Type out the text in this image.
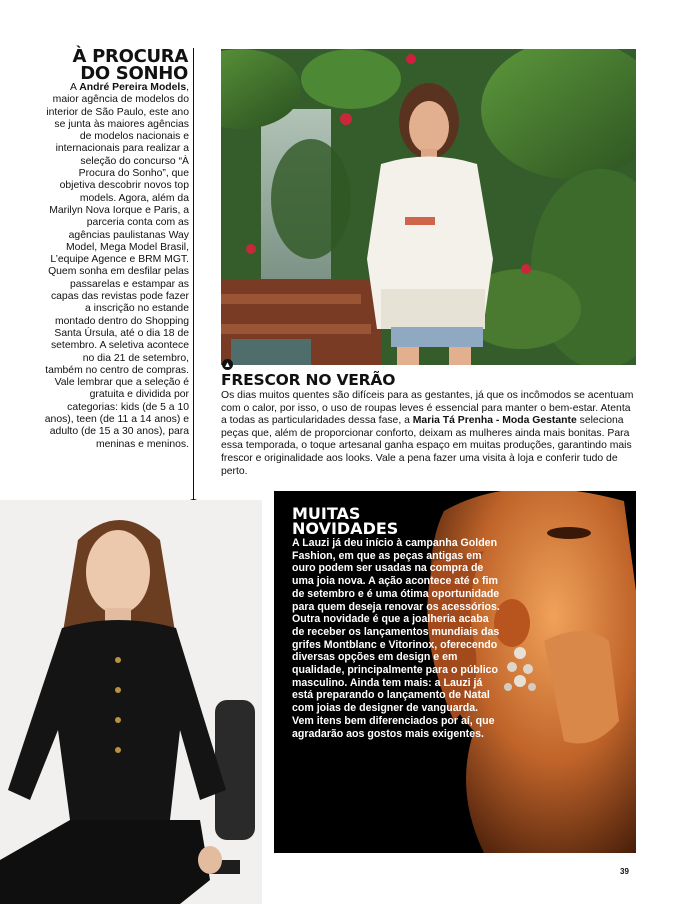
À PROCURA
DO SONHO
A André Pereira Models, maior agência de modelos do interior de São Paulo, este ano se junta às maiores agências de modelos nacionais e internacionais para realizar a seleção do concurso “À Procura do Sonho”, que objetiva descobrir novos top models. Agora, além da Marilyn Nova Iorque e Paris, a parceria conta com as agências paulistanas Way Model, Mega Model Brasil, L’equipe Agence e BRM MGT. Quem sonha em desfilar pelas passarelas e estampar as capas das revistas pode fazer a inscrição no estande montado dentro do Shopping Santa Úrsula, até o dia 18 de setembro. A seletiva acontece no dia 21 de setembro, também no centro de compras. Vale lembrar que a seleção é gratuita e dividida por categorias: kids (de 5 a 10 anos), teen (de 11 a 14 anos) e adulto (de 15 a 30 anos), para meninas e meninos.
▲
FRESCOR NO VERÃO
Os dias muitos quentes são difíceis para as gestantes, já que os incômodos se acentuam com o calor, por isso, o uso de roupas leves é essencial para manter o bem-estar. Atenta a todas as particularidades dessa fase, a Maria Tá Prenha - Moda Gestante seleciona peças que, além de proporcionar conforto, deixam as mulheres ainda mais bonitas. Para essa temporada, o toque artesanal ganha espaço em muitas produções, garantindo mais frescor e originalidade aos looks. Vale a pena fazer uma visita à loja e conferir tudo de perto.
MUITAS
NOVIDADES
A Lauzi já deu início à campanha Golden Fashion, em que as peças antigas em ouro podem ser usadas na compra de uma joia nova. A ação acontece até o fim de setembro e é uma ótima oportunidade para quem deseja renovar os acessórios. Outra novidade é que a joalheria acaba de receber os lançamentos mundiais das grifes Montblanc e Vitorinox, oferecendo diversas opções em design e em qualidade, principalmente para o público masculino. Ainda tem mais: a Lauzi já está preparando o lançamento de Natal com joias de designer de vanguarda. Vem itens bem diferenciados por aí, que agradarão aos gostos mais exigentes.
39
